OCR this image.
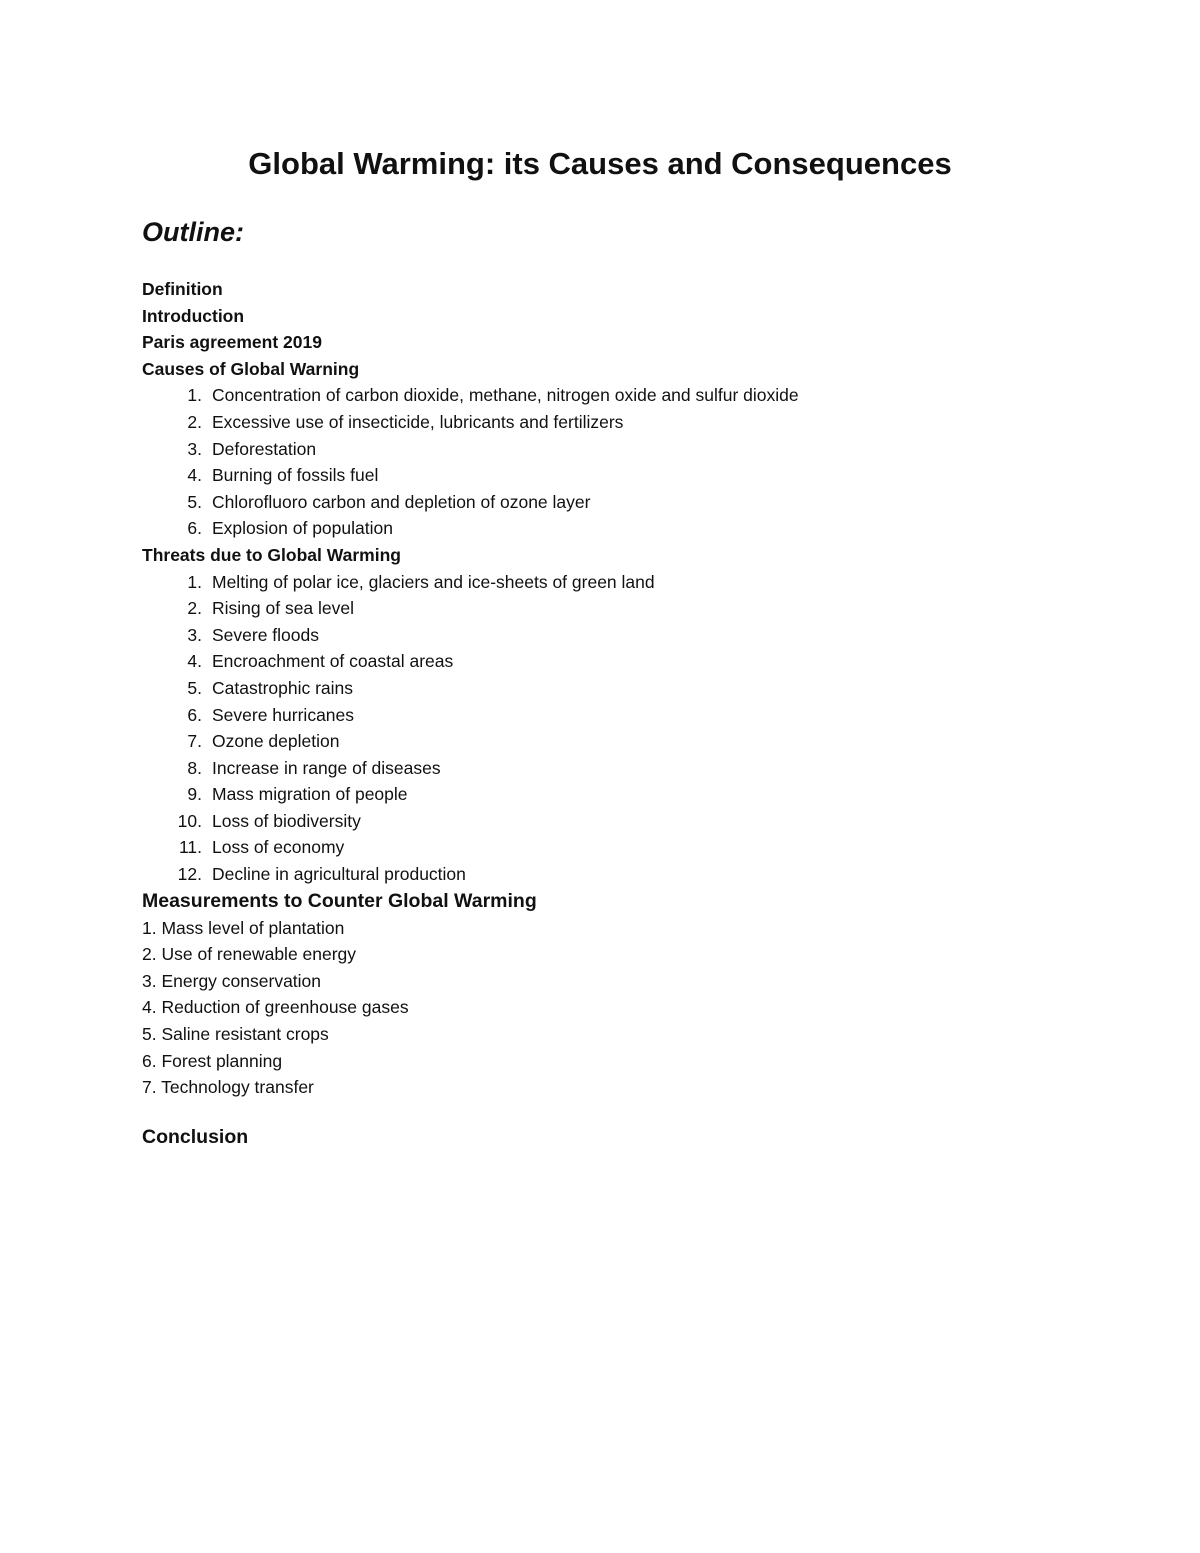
Global Warming: its Causes and Consequences
Outline:
Definition
Introduction
Paris agreement 2019
Causes of Global Warning
1. Concentration of carbon dioxide, methane, nitrogen oxide and sulfur dioxide
2. Excessive use of insecticide, lubricants and fertilizers
3. Deforestation
4. Burning of fossils fuel
5. Chlorofluoro carbon and depletion of ozone layer
6. Explosion of population
Threats due to Global Warming
1. Melting of polar ice, glaciers and ice-sheets of green land
2. Rising of sea level
3. Severe floods
4. Encroachment of coastal areas
5. Catastrophic rains
6. Severe hurricanes
7. Ozone depletion
8. Increase in range of diseases
9. Mass migration of people
10. Loss of biodiversity
11. Loss of economy
12. Decline in agricultural production
Measurements to Counter Global Warming
1. Mass level of plantation
2. Use of renewable energy
3. Energy conservation
4. Reduction of greenhouse gases
5. Saline resistant crops
6. Forest planning
7. Technology transfer
Conclusion
